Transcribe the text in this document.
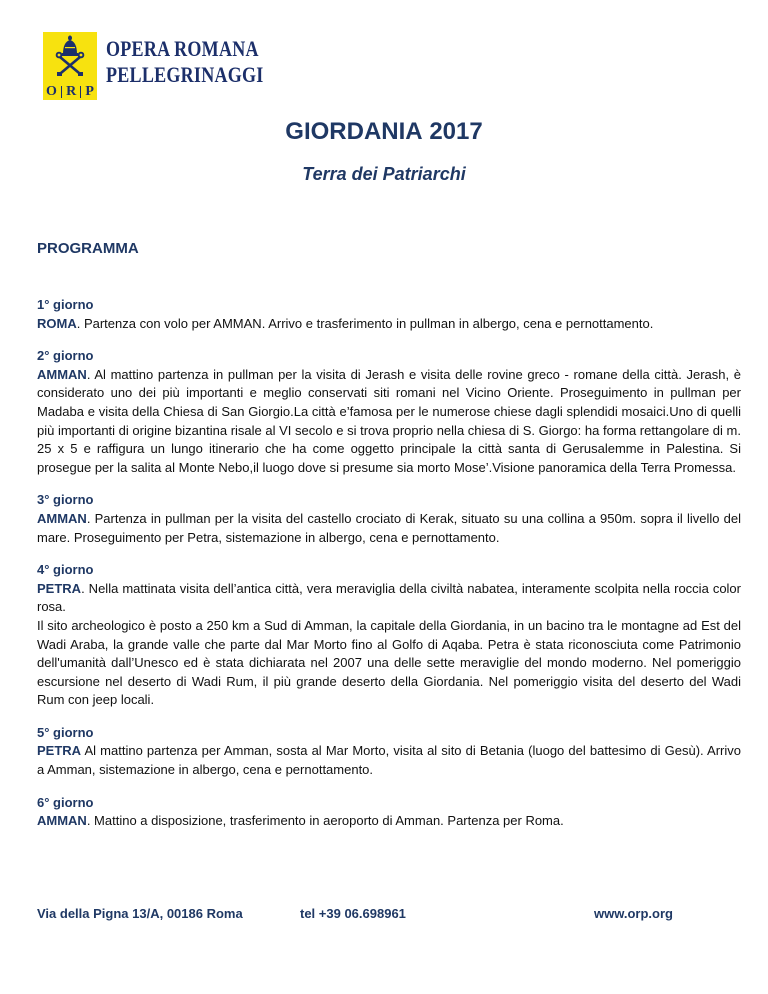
O R P
OPERA ROMANA
PELLEGRINAGGI
GIORDANIA 2017
Terra dei Patriarchi
PROGRAMMA
1° giorno
ROMA. Partenza con volo per AMMAN. Arrivo e trasferimento in pullman in albergo, cena e pernottamento.
2° giorno
AMMAN. Al mattino partenza in pullman per la visita di Jerash e visita delle rovine greco - romane della città. Jerash, è considerato uno dei più importanti e meglio conservati siti romani nel Vicino Oriente. Proseguimento in pullman per Madaba e visita della Chiesa di San Giorgio.La città e’famosa per le numerose chiese dagli splendidi mosaici.Uno di quelli più importanti di origine bizantina risale al VI secolo e si trova proprio nella chiesa di S. Giorgo: ha forma rettangolare di m. 25 x 5 e raffigura un lungo itinerario che ha come oggetto principale la città santa di Gerusalemme in Palestina. Si prosegue per la salita al Monte Nebo,il luogo dove si presume sia morto Mose’.Visione panoramica della Terra Promessa.
3° giorno
AMMAN. Partenza in pullman per la visita del castello crociato di Kerak, situato su una collina a 950m. sopra il livello del mare. Proseguimento per Petra, sistemazione in albergo, cena e pernottamento.
4° giorno
PETRA. Nella mattinata visita dell’antica città, vera meraviglia della civiltà nabatea, interamente scolpita nella roccia color rosa.
Il sito archeologico è posto a 250 km a Sud di Amman, la capitale della Giordania, in un bacino tra le montagne ad Est del Wadi Araba, la grande valle che parte dal Mar Morto fino al Golfo di Aqaba. Petra è stata riconosciuta come Patrimonio dell'umanità dall’Unesco ed è stata dichiarata nel 2007 una delle sette meraviglie del mondo moderno. Nel pomeriggio escursione nel deserto di Wadi Rum, il più grande deserto della Giordania. Nel pomeriggio visita del deserto del Wadi Rum con jeep locali.
5° giorno
PETRA Al mattino partenza per Amman, sosta al Mar Morto, visita al sito di Betania (luogo del battesimo di Gesù). Arrivo a Amman, sistemazione in albergo, cena e pernottamento.
6° giorno
AMMAN. Mattino a disposizione, trasferimento in aeroporto di Amman. Partenza per Roma.
Via della Pigna 13/A, 00186 Roma	tel +39 06.698961	www.orp.org
